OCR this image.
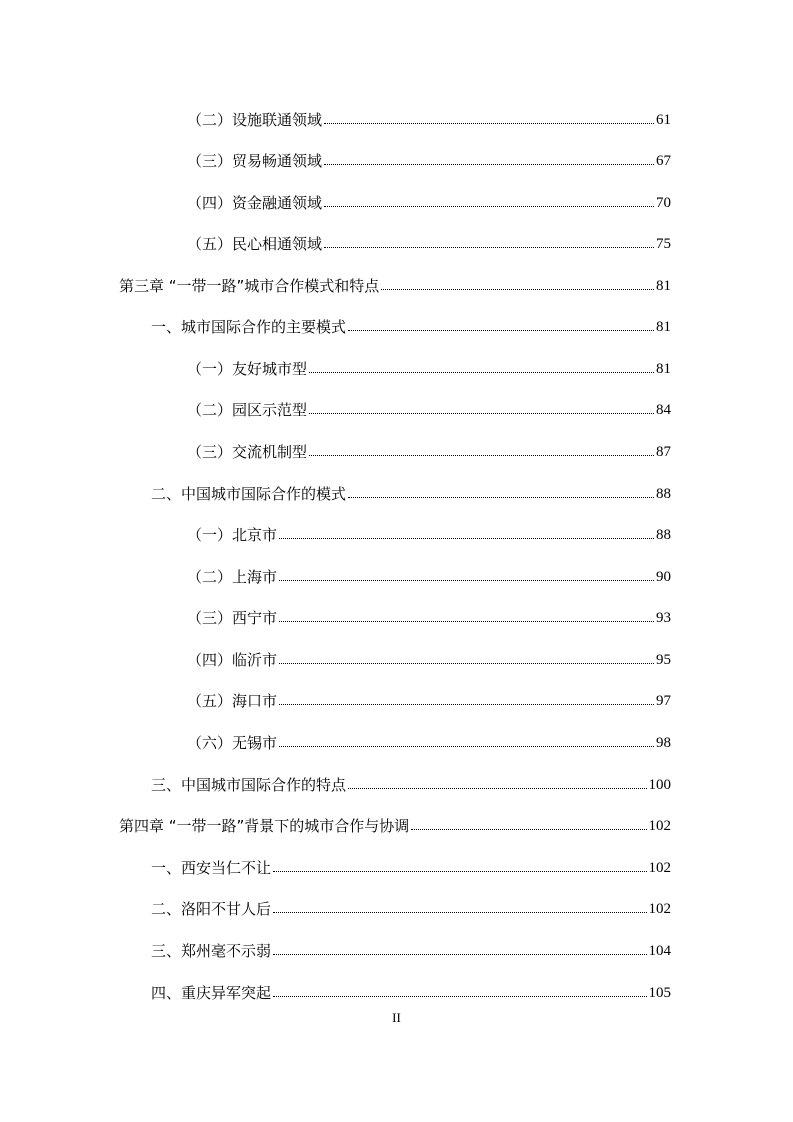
（二）设施联通领域	61
（三）贸易畅通领域	67
（四）资金融通领域	70
（五）民心相通领域	75
第三章 “一带一路”城市合作模式和特点	81
一、城市国际合作的主要模式	81
（一）友好城市型	81
（二）园区示范型	84
（三）交流机制型	87
二、中国城市国际合作的模式	88
（一）北京市	88
（二）上海市	90
（三）西宁市	93
（四）临沂市	95
（五）海口市	97
（六）无锡市	98
三、中国城市国际合作的特点	100
第四章 “一带一路”背景下的城市合作与协调	102
一、西安当仁不让	102
二、洛阳不甘人后	102
三、郑州毫不示弱	104
四、重庆异军突起	105
II
